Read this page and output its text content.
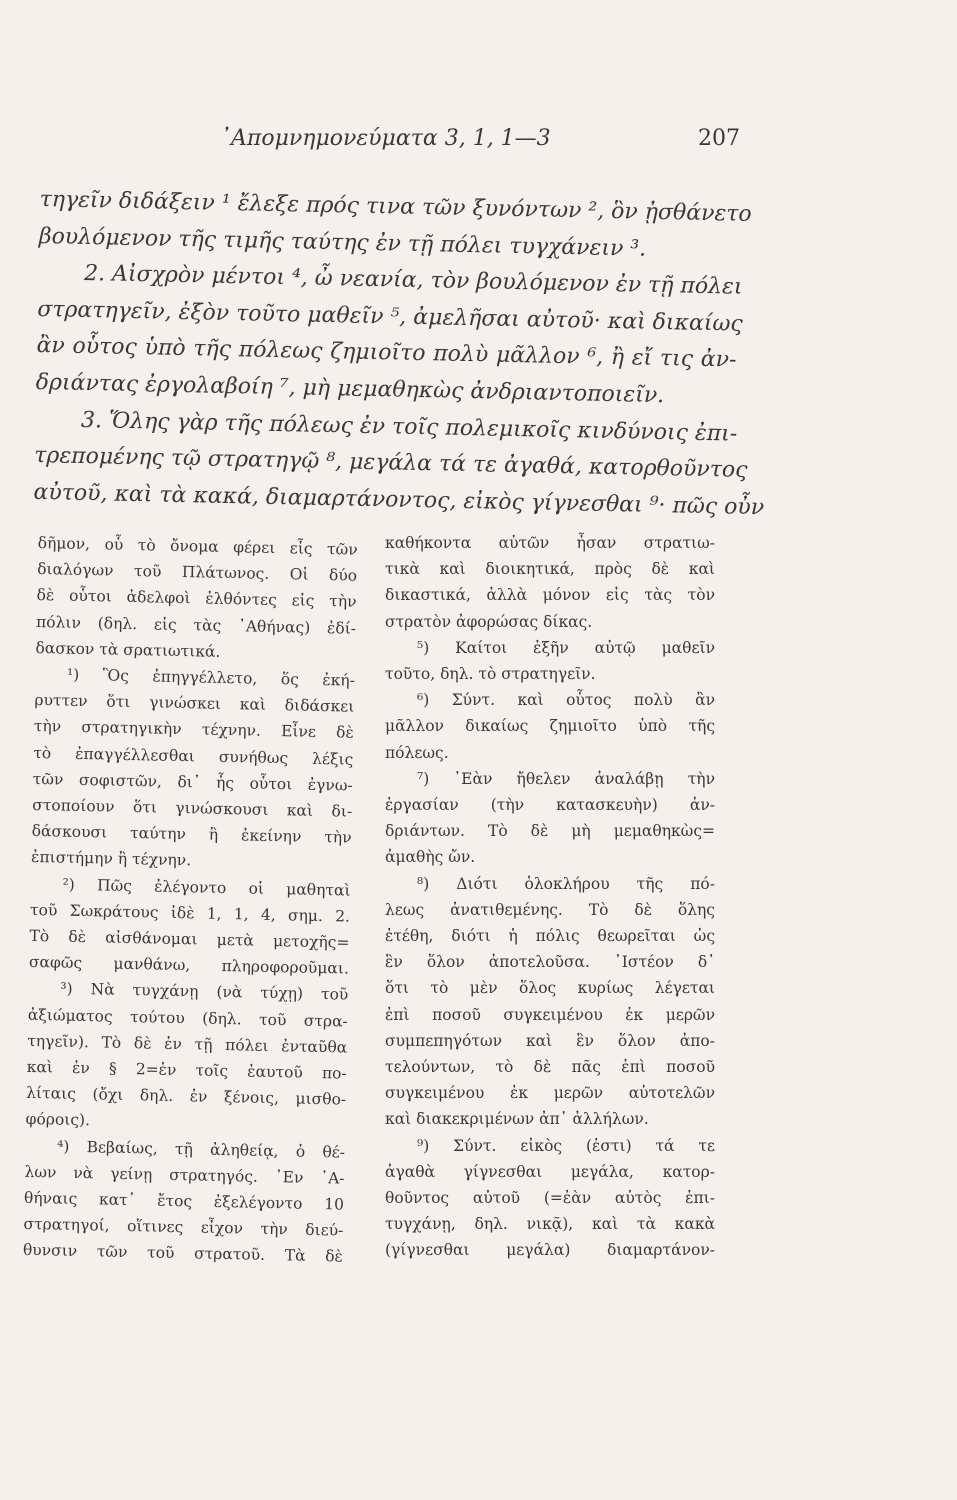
᾿Απομνημονεύματα 3, 1, 1—3	207
τηγεῖν διδάξειν ¹ ἔλεξε πρός τινα τῶν ξυνόντων ², ὃν ᾐσθάνετο
βουλόμενον τῆς τιμῆς ταύτης ἐν τῇ πόλει τυγχάνειν ³.
2. Αἰσχρὸν μέντοι ⁴, ὦ νεανία, τὸν βουλόμενον ἐν τῇ πόλει
στρατηγεῖν, ἐξὸν τοῦτο μαθεῖν ⁵, ἀμελῆσαι αὐτοῦ· καὶ δικαίως
ἂν οὗτος ὑπὸ τῆς πόλεως ζημιοῖτο πολὺ μᾶλλον ⁶, ἢ εἴ τις ἀν-
δριάντας ἐργολαβοίη ⁷, μὴ μεμαθηκὼς ἀνδριαντοποιεῖν.
3. Ὅλης γὰρ τῆς πόλεως ἐν τοῖς πολεμικοῖς κινδύνοις ἐπι-
τρεπομένης τῷ στρατηγῷ ⁸, μεγάλα τά τε ἀγαθά, κατορθοῦντος
αὐτοῦ, καὶ τὰ κακά, διαμαρτάνοντος, εἰκὸς γίγνεσθαι ⁹· πῶς οὖν
δῆμον, οὗ τὸ ὄνομα φέρει εἷς τῶν
διαλόγων τοῦ Πλάτωνος. Οἱ δύο
δὲ οὗτοι ἀδελφοὶ ἐλθόντες εἰς τὴν
πόλιν (δηλ. εἰς τὰς ᾽Αθήνας) ἐδί-
δασκον τὰ σρατιωτικά.
¹) Ὃς ἐπηγγέλλετο, ὅς ἐκή-
ρυττεν ὅτι γινώσκει καὶ διδάσκει
τὴν στρατηγικὴν τέχνην. Εἶνε δὲ
τὸ ἐπαγγέλλεσθαι συνήθως λέξις
τῶν σοφιστῶν, δι᾽ ἧς οὗτοι ἐγνω-
στοποίουν ὅτι γινώσκουσι καὶ δι-
δάσκουσι ταύτην ἢ ἐκείνην τὴν
ἐπιστήμην ἢ τέχνην.
²) Πῶς ἐλέγοντο οἱ μαθηταὶ
τοῦ Σωκράτους ἰδὲ 1, 1, 4, σημ. 2.
Τὸ δὲ αἰσθάνομαι μετὰ μετοχῆς=
σαφῶς μανθάνω, πληροφοροῦμαι.
³) Νὰ τυγχάνῃ (νὰ τύχῃ) τοῦ
ἀξιώματος τούτου (δηλ. τοῦ στρα-
τηγεῖν). Τὸ δὲ ἐν τῇ πόλει ἐνταῦθα
καὶ ἐν § 2=ἐν τοῖς ἑαυτοῦ πο-
λίταις (ὄχι δηλ. ἐν ξένοις, μισθο-
φόροις).
⁴) Βεβαίως, τῇ ἀληθείᾳ, ὁ θέ-
λων νὰ γείνῃ στρατηγός. ᾽Εν ᾽Α-
θήναις κατ᾽ ἔτος ἐξελέγοντο 10
στρατηγοί, οἵτινες εἶχον τὴν διεύ-
θυνσιν τῶν τοῦ στρατοῦ. Τὰ δὲ
καθήκοντα αὐτῶν ἦσαν στρατιω-
τικὰ καὶ διοικητικά, πρὸς δὲ καὶ
δικαστικά, ἀλλὰ μόνον εἰς τὰς τὸν
στρατὸν ἀφορώσας δίκας.
⁵) Καίτοι ἐξῆν αὐτῷ μαθεῖν
τοῦτο, δηλ. τὸ στρατηγεῖν.
⁶) Σύντ. καὶ οὗτος πολὺ ἂν
μᾶλλον δικαίως ζημιοῖτο ὑπὸ τῆς
πόλεως.
⁷) ᾽Εὰν ἤθελεν ἀναλάβῃ τὴν
ἐργασίαν (τὴν κατασκευὴν) ἀν-
δριάντων. Τὸ δὲ μὴ μεμαθηκὼς=
ἀμαθὴς ὤν.
⁸) Διότι ὁλοκλήρου τῆς πό-
λεως ἀνατιθεμένης. Τὸ δὲ ὅλης
ἐτέθη, διότι ἡ πόλις θεωρεῖται ὡς
ἓν ὅλον ἀποτελοῦσα. ᾽Ιστέον δ᾽
ὅτι τὸ μὲν ὅλος κυρίως λέγεται
ἐπὶ ποσοῦ συγκειμένου ἐκ μερῶν
συμπεπηγότων καὶ ἓν ὅλον ἀπο-
τελούντων, τὸ δὲ πᾶς ἐπὶ ποσοῦ
συγκειμένου ἐκ μερῶν αὐτοτελῶν
καὶ διακεκριμένων ἀπ᾽ ἀλλήλων.
⁹) Σύντ. εἰκὸς (ἐστι) τά τε
ἀγαθὰ γίγνεσθαι μεγάλα, κατορ-
θοῦντος αὐτοῦ (=ἐὰν αὐτὸς ἐπι-
τυγχάνῃ, δηλ. νικᾷ), καὶ τὰ κακὰ
(γίγνεσθαι μεγάλα) διαμαρτάνον-
